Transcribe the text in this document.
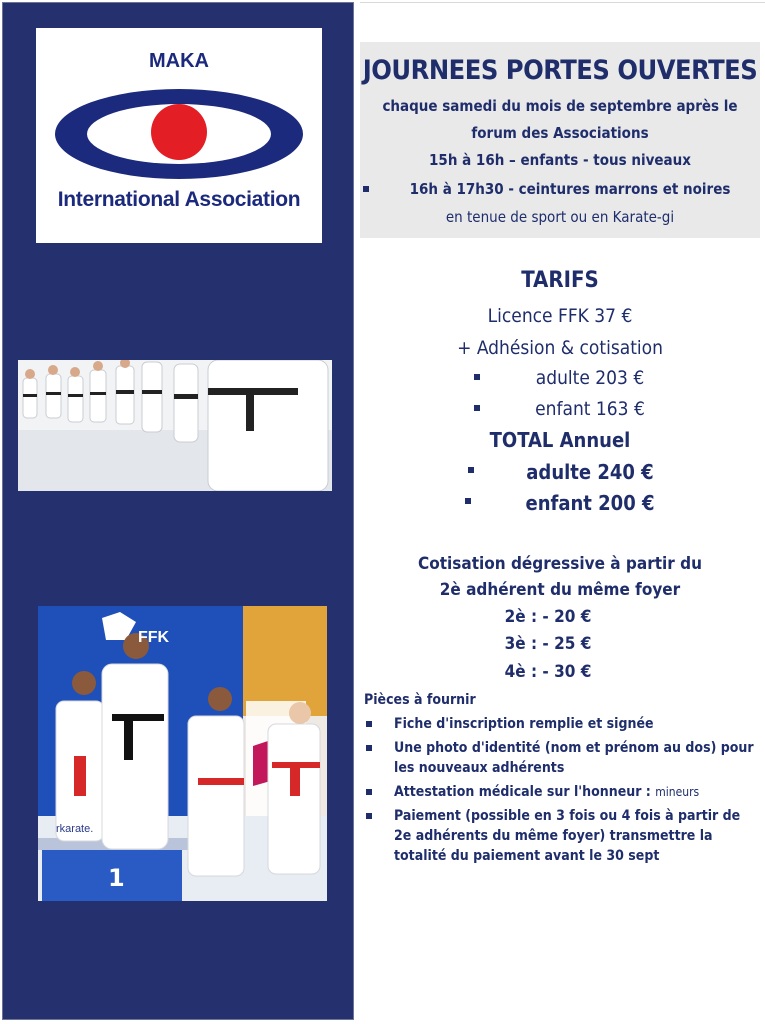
MAKA
International Association
1
FFK
rkarate.
JOURNEES PORTES OUVERTES
chaque samedi du mois de septembre après le
forum des Associations
15h à 16h – enfants - tous niveaux
16h à 17h30 - ceintures marrons et noires
en tenue de sport ou en Karate-gi
TARIFS
Licence FFK 37 €
+ Adhésion & cotisation
adulte 203 €
enfant 163 €
TOTAL Annuel
adulte 240 €
enfant 200 €
Cotisation dégressive à partir du
2è adhérent du même foyer
2è : - 20 €
3è : - 25 €
4è : - 30 €
Pièces à fournir
Fiche d'inscription remplie et signée
Une photo d'identité (nom et prénom au dos) pour les nouveaux adhérents
Attestation médicale sur l'honneur : mineurs
Paiement (possible en 3 fois ou 4 fois à partir de 2e adhérents du même foyer) transmettre la totalité du paiement avant le 30 sept
